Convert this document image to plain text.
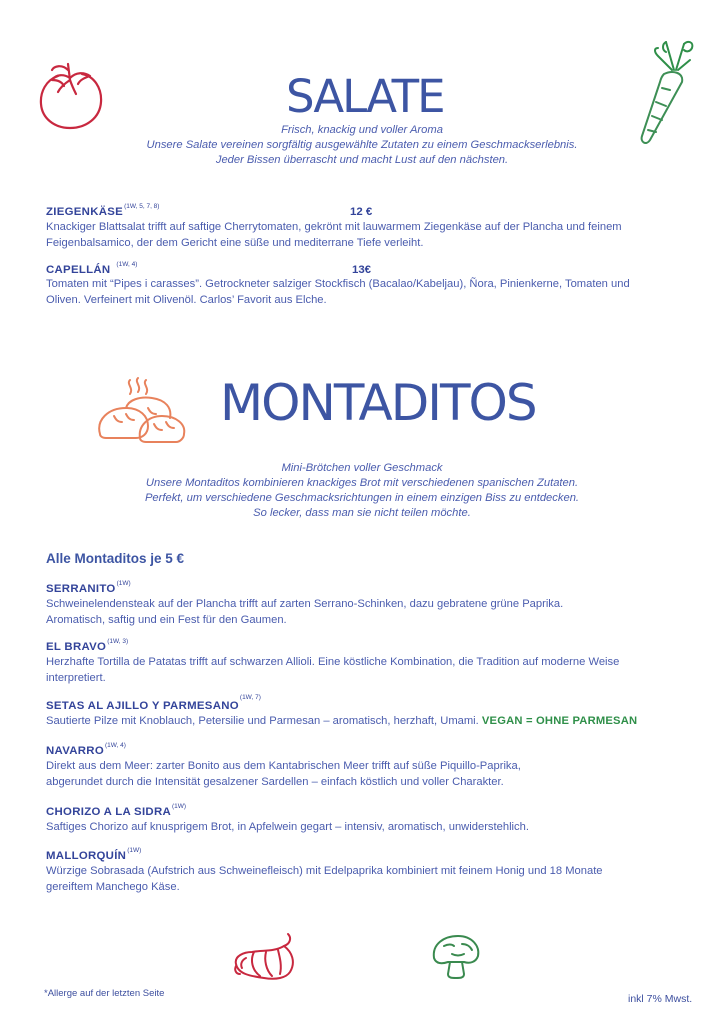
SALATE
Frisch, knackig und voller Aroma
Unsere Salate vereinen sorgfältig ausgewählte Zutaten zu einem Geschmackserlebnis.
Jeder Bissen überrascht und macht Lust auf den nächsten.
$ZIEGENKÄSE^{(1W, 5, 7, 8)}$	12 €
Knackiger Blattsalat trifft auf saftige Cherrytomaten, gekrönt mit lauwarmem Ziegenkäse auf der Plancha und feinem
Feigenbalsamico, der dem Gericht eine süße und mediterrane Tiefe verleiht.
CAPELLÁN $^{(1W, 4)}$	13€
Tomaten mit “Pipes i carasses”. Getrockneter salziger Stockfisch (Bacalao/Kabeljau), Ñora, Pinienkerne, Tomaten und
Oliven. Verfeinert mit Olivenöl. Carlos’ Favorit aus Elche.
MONTADITOS
Mini-Brötchen voller Geschmack
Unsere Montaditos kombinieren knackiges Brot mit verschiedenen spanischen Zutaten.
Perfekt, um verschiedene Geschmacksrichtungen in einem einzigen Biss zu entdecken.
So lecker, dass man sie nicht teilen möchte.
Alle Montaditos je 5 €
$SERRANITO^{(1W)}$
Schweinelendensteak auf der Plancha trifft auf zarten Serrano-Schinken, dazu gebratene grüne Paprika.
Aromatisch, saftig und ein Fest für den Gaumen.
EL $BRAVO^{(1W, 3)}$
Herzhafte Tortilla de Patatas trifft auf schwarzen Allioli. Eine köstliche Kombination, die Tradition auf moderne Weise
interpretiert.
SETAS AL AJILLO Y $PARMESANO^{(1W, 7)}$
Sautierte Pilze mit Knoblauch, Petersilie und Parmesan – aromatisch, herzhaft, Umami. VEGAN = OHNE PARMESAN
$NAVARRO^{(1W, 4)}$
Direkt aus dem Meer: zarter Bonito aus dem Kantabrischen Meer trifft auf süße Piquillo-Paprika,
abgerundet durch die Intensität gesalzener Sardellen – einfach köstlich und voller Charakter.
CHORIZO A LA $SIDRA^{(1W)}$
Saftiges Chorizo auf knusprigem Brot, in Apfelwein gegart – intensiv, aromatisch, unwiderstehlich.
$MALLORQUÍN^{(1W)}$
Würzige Sobrasada (Aufstrich aus Schweinefleisch) mit Edelpaprika kombiniert mit feinem Honig und 18 Monate
gereiftem Manchego Käse.
*Allerge auf der letzten Seite	inkl 7% Mwst.
